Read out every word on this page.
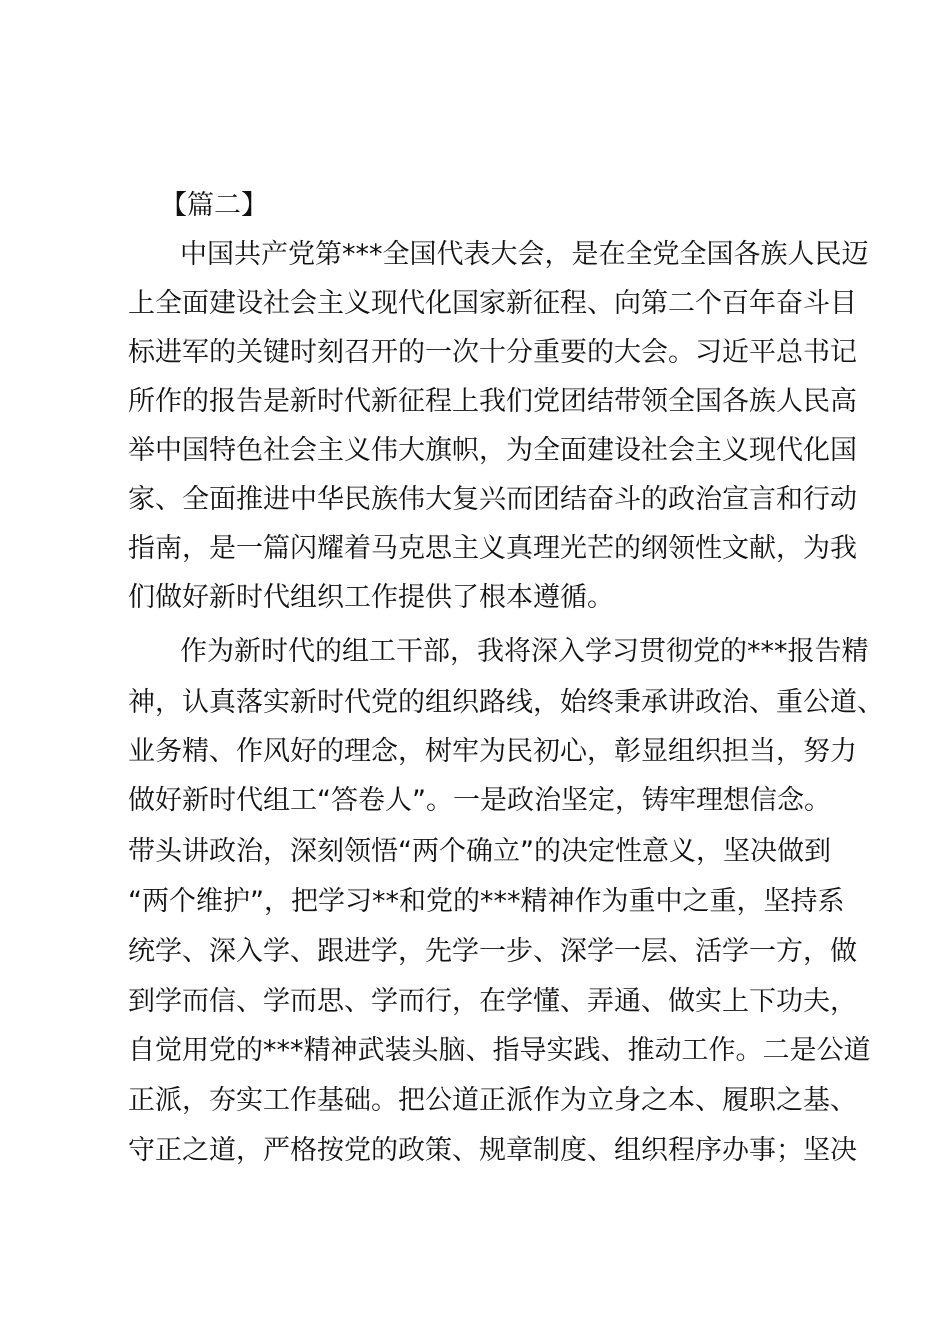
【篇二】

中国共产党第***全国代表大会，是在全党全国各族人民迈

上全面建设社会主义现代化国家新征程、向第二个百年奋斗目

标进军的关键时刻召开的一次十分重要的大会。习近平总书记

所作的报告是新时代新征程上我们党团结带领全国各族人民高

举中国特色社会主义伟大旗帜，为全面建设社会主义现代化国

家、全面推进中华民族伟大复兴而团结奋斗的政治宣言和行动

指南，是一篇闪耀着马克思主义真理光芒的纲领性文献，为我

们做好新时代组织工作提供了根本遵循。

作为新时代的组工干部，我将深入学习贯彻党的***报告精

神，认真落实新时代党的组织路线，始终秉承讲政治、重公道、

业务精、作风好的理念，树牢为民初心，彰显组织担当，努力

做好新时代组工“答卷人”。一是政治坚定，铸牢理想信念。

带头讲政治，深刻领悟“两个确立”的决定性意义，坚决做到

“两个维护”，把学习**和党的***精神作为重中之重，坚持系

统学、深入学、跟进学，先学一步、深学一层、活学一方，做

到学而信、学而思、学而行，在学懂、弄通、做实上下功夫，

自觉用党的***精神武装头脑、指导实践、推动工作。二是公道

正派，夯实工作基础。把公道正派作为立身之本、履职之基、

守正之道，严格按党的政策、规章制度、组织程序办事；坚决
